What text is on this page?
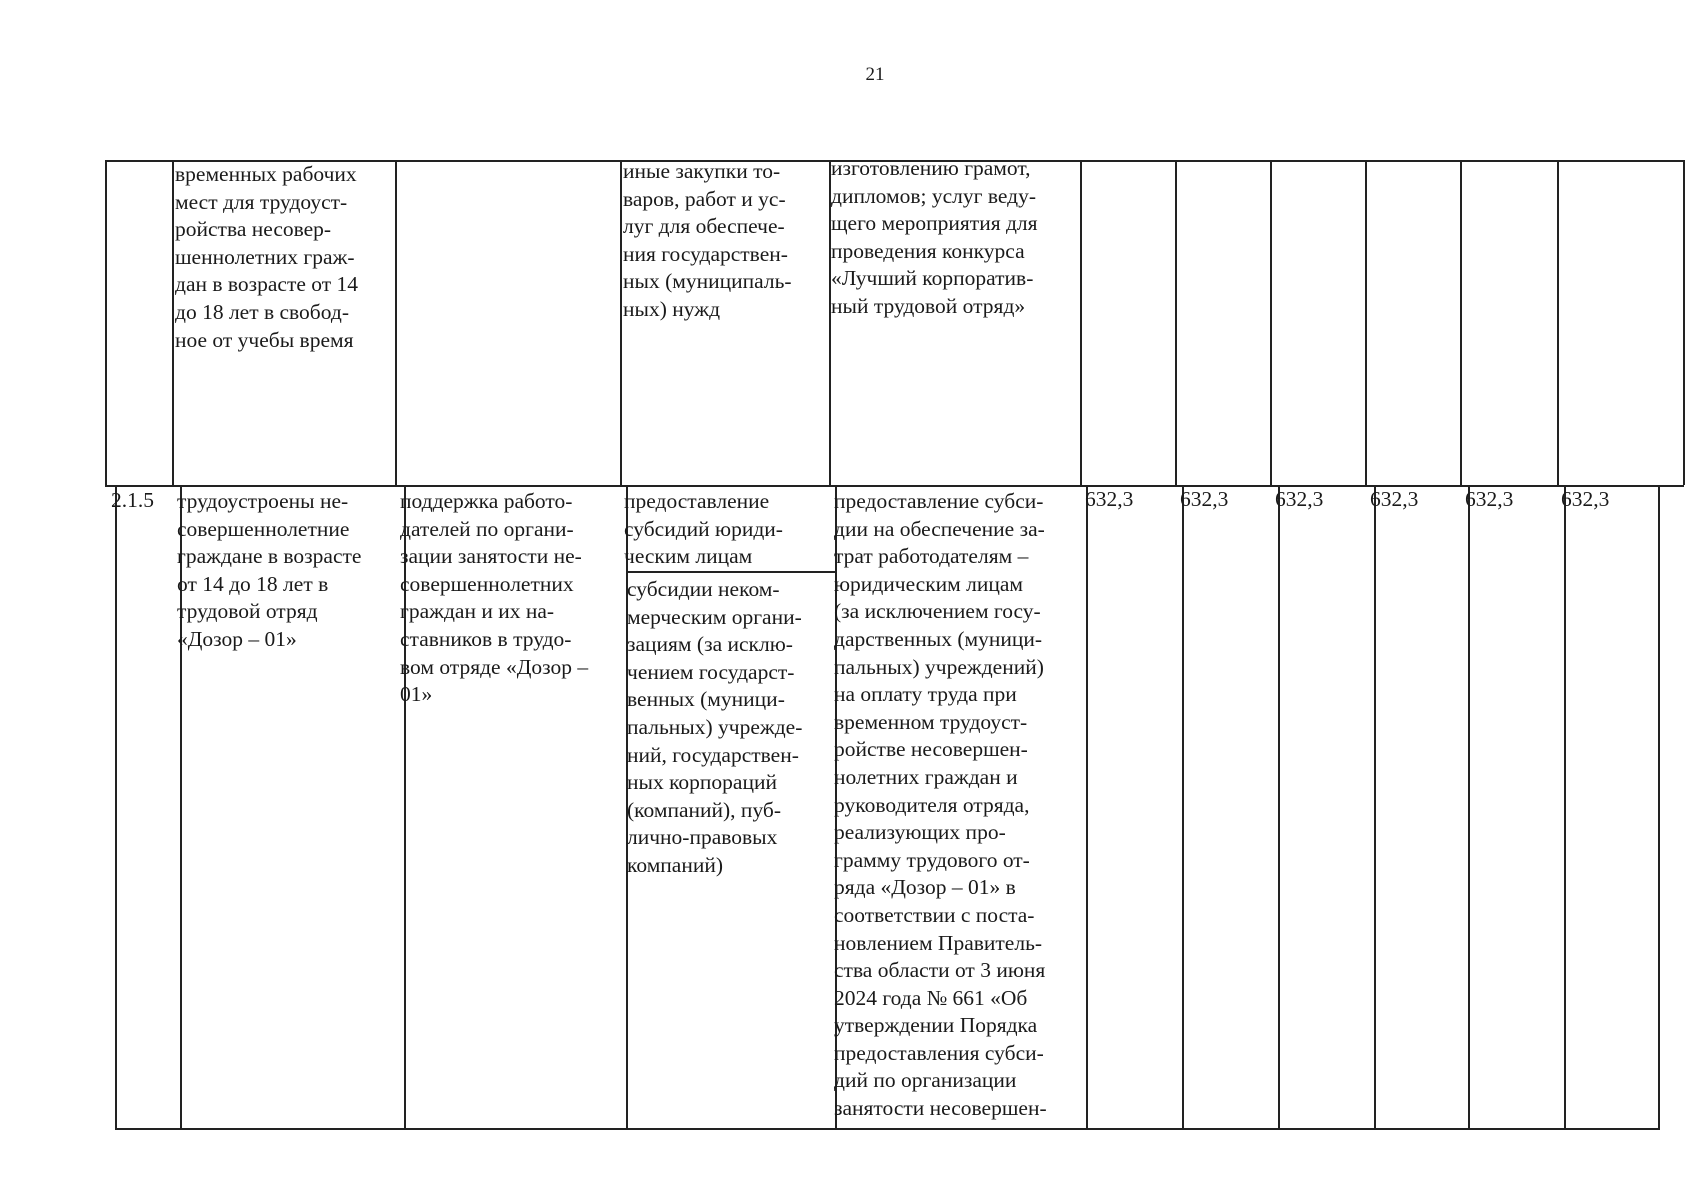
21
временных рабочих
мест для трудоуст-
ройства несовер-
шеннолетних граж-
дан в возрасте от 14
до 18 лет в свобод-
ное от учебы время
иные закупки то-
варов, работ и ус-
луг для обеспече-
ния государствен-
ных (муниципаль-
ных) нужд
изготовлению грамот,
дипломов; услуг веду-
щего мероприятия для
проведения конкурса
«Лучший корпоратив-
ный трудовой отряд»
2.1.5	трудоустроены не-
совершеннолетние
граждане в возрасте
от 14 до 18 лет в
трудовой отряд
«Дозор – 01»
поддержка работо-
дателей по органи-
зации занятости не-
совершеннолетних
граждан и их на-
ставников в трудо-
вом отряде «Дозор –
01»
предоставление
субсидий юриди-
ческим лицам
субсидии неком-
мерческим органи-
зациям (за исклю-
чением государст-
венных (муници-
пальных) учрежде-
ний, государствен-
ных корпораций
(компаний), пуб-
лично-правовых
компаний)
предоставление субси-
дии на обеспечение за-
трат работодателям –
юридическим лицам
(за исключением госу-
дарственных (муници-
пальных) учреждений)
на оплату труда при
временном трудоуст-
ройстве несовершен-
нолетних граждан и
руководителя отряда,
реализующих про-
грамму трудового от-
ряда «Дозор – 01» в
соответствии с поста-
новлением Правитель-
ства области от 3 июня
2024 года № 661 «Об
утверждении Порядка
предоставления субси-
дий по организации
занятости несовершен-
632,3 632,3 632,3 632,3 632,3 632,3
